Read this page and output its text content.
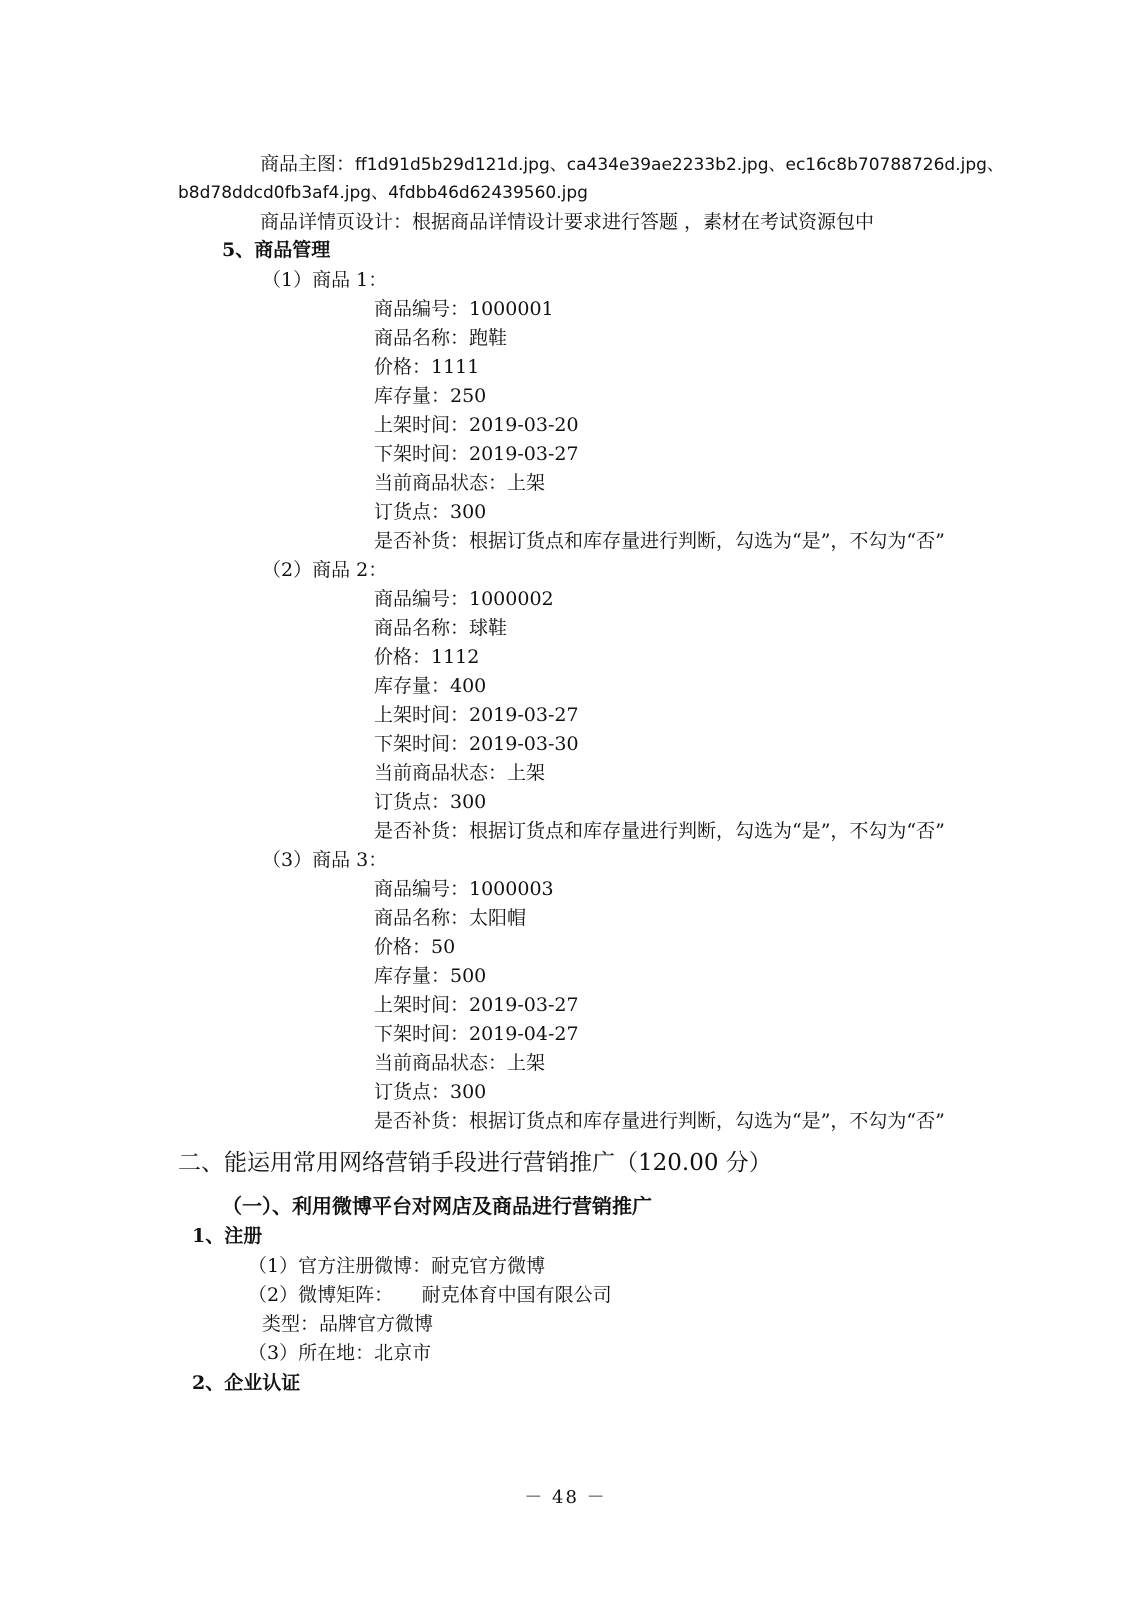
商品主图：ff1d91d5b29d121d.jpg、ca434e39ae2233b2.jpg、ec16c8b70788726d.jpg、
b8d78ddcd0fb3af4.jpg、4fdbb46d62439560.jpg
商品详情页设计：根据商品详情设计要求进行答题 ，素材在考试资源包中
5、商品管理
（1）商品 1：
商品编号：1000001
商品名称：跑鞋
价格：1111
库存量：250
上架时间：2019-03-20
下架时间：2019-03-27
当前商品状态：上架
订货点：300
是否补货：根据订货点和库存量进行判断，勾选为“是”，不勾为“否”
（2）商品 2：
商品编号：1000002
商品名称：球鞋
价格：1112
库存量：400
上架时间：2019-03-27
下架时间：2019-03-30
当前商品状态：上架
订货点：300
是否补货：根据订货点和库存量进行判断，勾选为“是”，不勾为“否”
（3）商品 3：
商品编号：1000003
商品名称：太阳帽
价格：50
库存量：500
上架时间：2019-03-27
下架时间：2019-04-27
当前商品状态：上架
订货点：300
是否补货：根据订货点和库存量进行判断，勾选为“是”，不勾为“否”
二、能运用常用网络营销手段进行营销推广（120.00 分）
（一）、利用微博平台对网店及商品进行营销推广
1、注册
（1）官方注册微博：耐克官方微博
（2）微博矩阵：　　耐克体育中国有限公司
类型：品牌官方微博
（3）所在地：北京市
2、企业认证
－ 48 －
